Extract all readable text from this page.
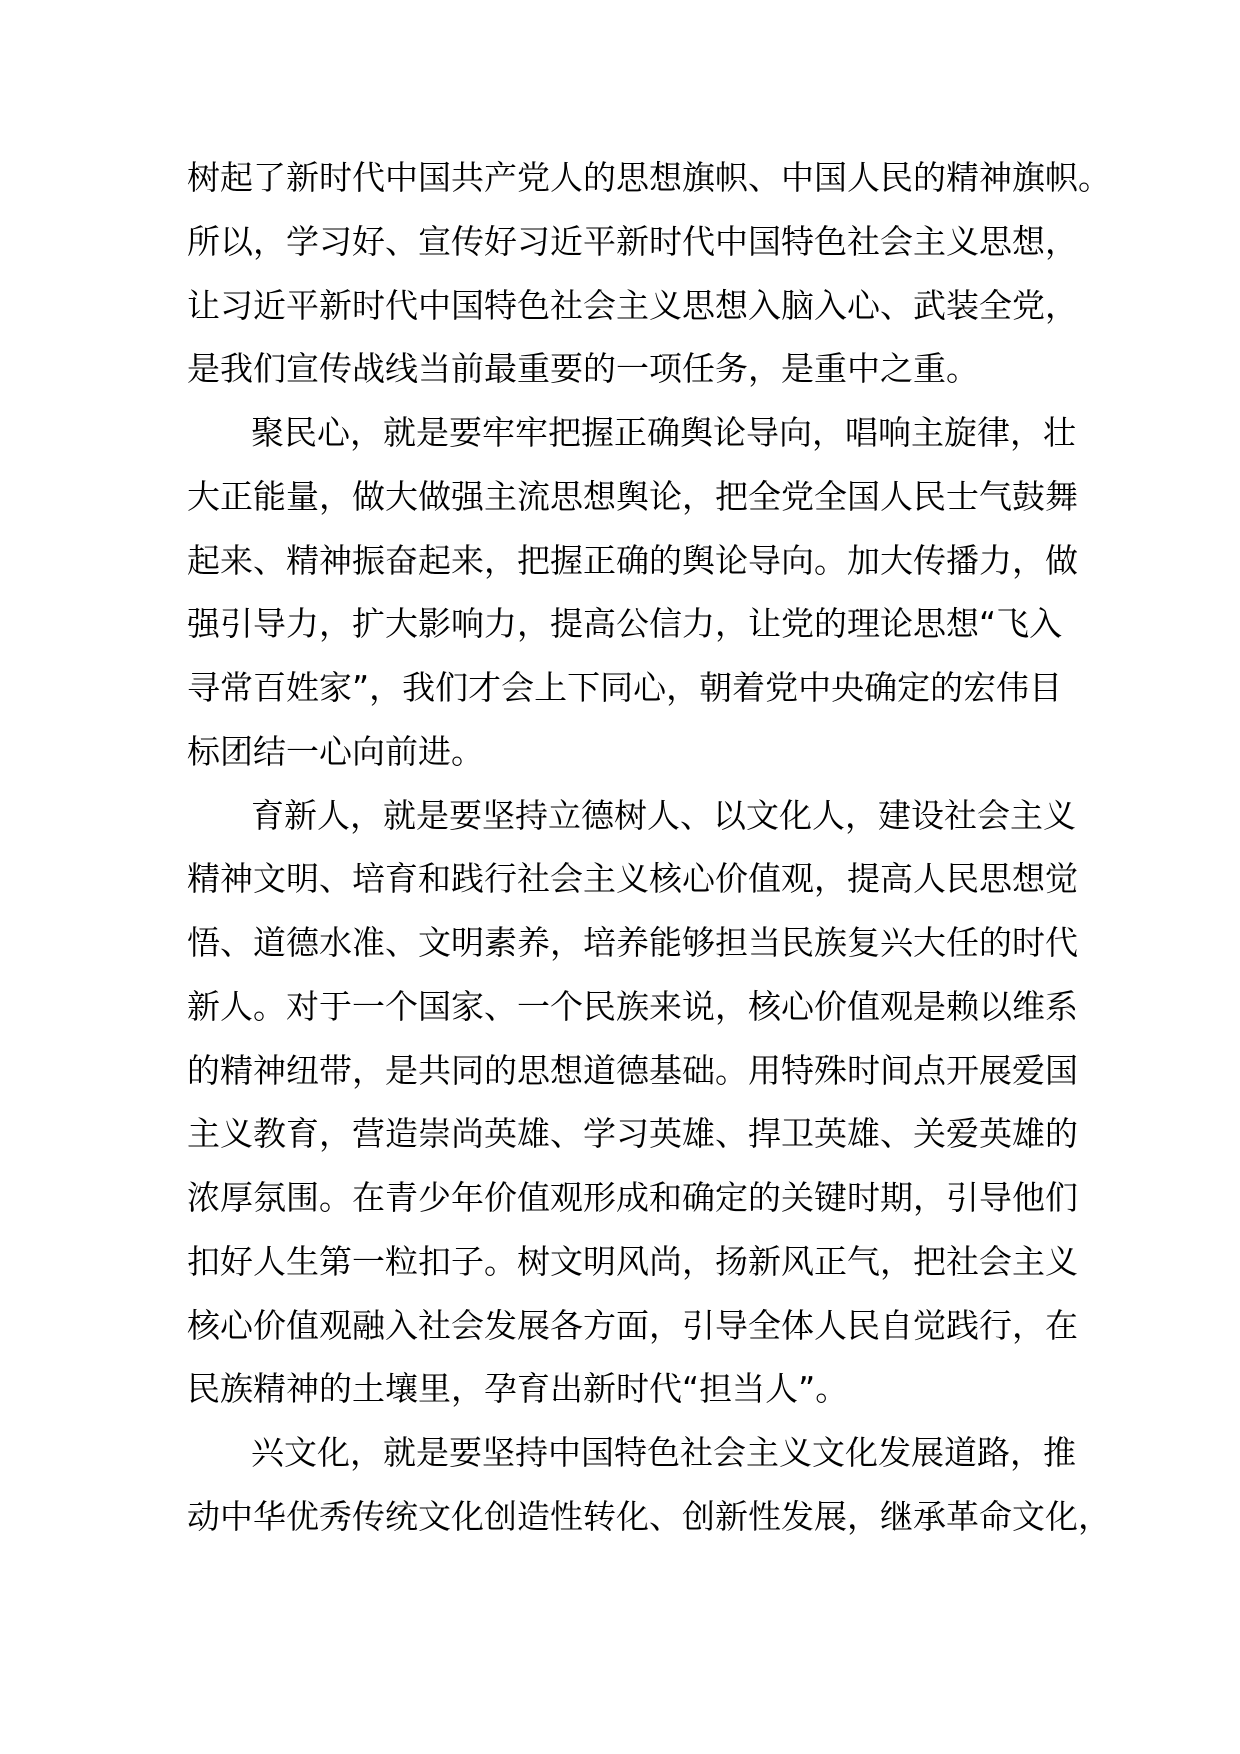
树起了新时代中国共产党人的思想旗帜、中国人民的精神旗帜。
所以，学习好、宣传好习近平新时代中国特色社会主义思想，
让习近平新时代中国特色社会主义思想入脑入心、武装全党，
是我们宣传战线当前最重要的一项任务，是重中之重。
聚民心，就是要牢牢把握正确舆论导向，唱响主旋律，壮
大正能量，做大做强主流思想舆论，把全党全国人民士气鼓舞
起来、精神振奋起来，把握正确的舆论导向。加大传播力，做
强引导力，扩大影响力，提高公信力，让党的理论思想“飞入
寻常百姓家”，我们才会上下同心，朝着党中央确定的宏伟目
标团结一心向前进。
育新人，就是要坚持立德树人、以文化人，建设社会主义
精神文明、培育和践行社会主义核心价值观，提高人民思想觉
悟、道德水准、文明素养，培养能够担当民族复兴大任的时代
新人。对于一个国家、一个民族来说，核心价值观是赖以维系
的精神纽带，是共同的思想道德基础。用特殊时间点开展爱国
主义教育，营造崇尚英雄、学习英雄、捍卫英雄、关爱英雄的
浓厚氛围。在青少年价值观形成和确定的关键时期，引导他们
扣好人生第一粒扣子。树文明风尚，扬新风正气，把社会主义
核心价值观融入社会发展各方面，引导全体人民自觉践行，在
民族精神的土壤里，孕育出新时代“担当人”。
兴文化，就是要坚持中国特色社会主义文化发展道路，推
动中华优秀传统文化创造性转化、创新性发展，继承革命文化，
